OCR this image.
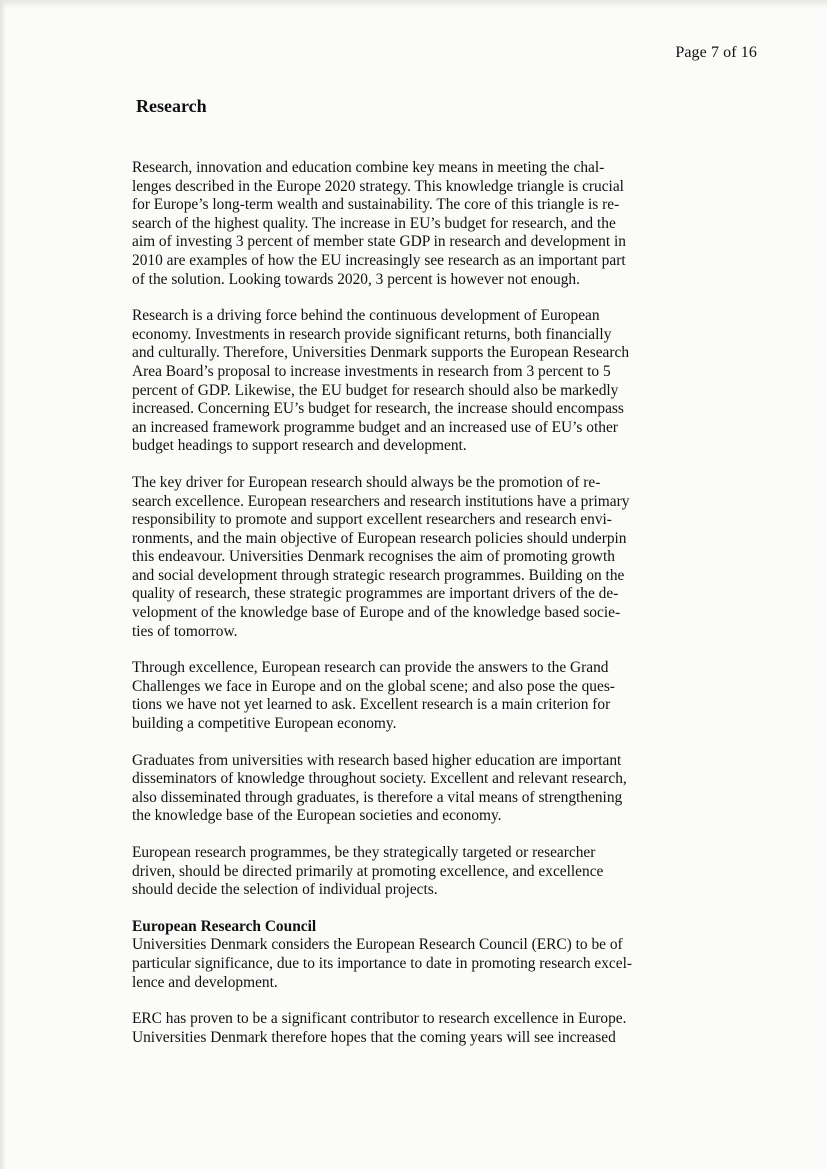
Page 7 of 16
Research

Research, innovation and education combine key means in meeting the chal-
lenges described in the Europe 2020 strategy. This knowledge triangle is crucial
for Europe’s long-term wealth and sustainability. The core of this triangle is re-
search of the highest quality. The increase in EU’s budget for research, and the
aim of investing 3 percent of member state GDP in research and development in
2010 are examples of how the EU increasingly see research as an important part
of the solution. Looking towards 2020, 3 percent is however not enough.

Research is a driving force behind the continuous development of European
economy. Investments in research provide significant returns, both financially
and culturally. Therefore, Universities Denmark supports the European Research
Area Board’s proposal to increase investments in research from 3 percent to 5
percent of GDP. Likewise, the EU budget for research should also be markedly
increased. Concerning EU’s budget for research, the increase should encompass
an increased framework programme budget and an increased use of EU’s other
budget headings to support research and development.

The key driver for European research should always be the promotion of re-
search excellence. European researchers and research institutions have a primary
responsibility to promote and support excellent researchers and research envi-
ronments, and the main objective of European research policies should underpin
this endeavour. Universities Denmark recognises the aim of promoting growth
and social development through strategic research programmes. Building on the
quality of research, these strategic programmes are important drivers of the de-
velopment of the knowledge base of Europe and of the knowledge based socie-
ties of tomorrow.

Through excellence, European research can provide the answers to the Grand
Challenges we face in Europe and on the global scene; and also pose the ques-
tions we have not yet learned to ask. Excellent research is a main criterion for
building a competitive European economy.

Graduates from universities with research based higher education are important
disseminators of knowledge throughout society. Excellent and relevant research,
also disseminated through graduates, is therefore a vital means of strengthening
the knowledge base of the European societies and economy.

European research programmes, be they strategically targeted or researcher
driven, should be directed primarily at promoting excellence, and excellence
should decide the selection of individual projects.

European Research Council

Universities Denmark considers the European Research Council (ERC) to be of
particular significance, due to its importance to date in promoting research excel-
lence and development.

ERC has proven to be a significant contributor to research excellence in Europe.
Universities Denmark therefore hopes that the coming years will see increased
